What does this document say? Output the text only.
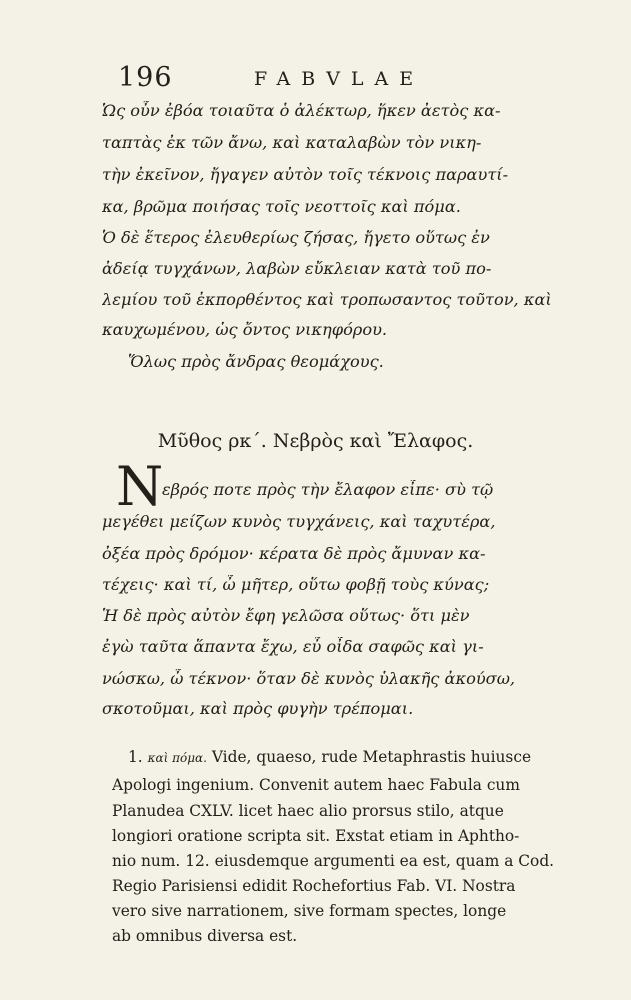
196	FABVLAE
Ὡς οὖν ἐβόα τοιαῦτα ὁ ἀλέκτωρ, ἥκεν ἀετὸς κα-
ταπτὰς ἐκ τῶν ἄνω, καὶ καταλαβὼν τὸν νικη-
τὴν ἐκεῖνον, ἤγαγεν αὐτὸν τοῖς τέκνοις παραυτί-
κα, βρῶμα ποιήσας τοῖς νεοττοῖς καὶ πόμα.
Ὁ δὲ ἕτερος ἐλευθερίως ζήσας, ἤγετο οὕτως ἐν
ἀδείᾳ τυγχάνων, λαβὼν εὔκλειαν κατὰ τοῦ πο-
λεμίου τοῦ ἐκπορθέντος καὶ τροπωσαντος τοῦτον, καὶ
καυχωμένου, ὡς ὄντος νικηφόρου.
Ὅλως πρὸς ἄνδρας θεομάχους.
Μῦθος ρκ΄. Νεβρὸς καὶ Ἔλαφος.
N
εβρός ποτε πρὸς τὴν ἔλαφον εἶπε· σὺ τῷ
μεγέθει μείζων κυνὸς τυγχάνεις, καὶ ταχυτέρα,
ὀξέα πρὸς δρόμον· κέρατα δὲ πρὸς ἄμυναν κα-
τέχεις· καὶ τί, ὦ μῆτερ, οὕτω φοβῇ τοὺς κύνας;
Ἡ δὲ πρὸς αὐτὸν ἔφη γελῶσα οὕτως· ὅτι μὲν
ἐγὼ ταῦτα ἅπαντα ἔχω, εὖ οἶδα σαφῶς καὶ γι-
νώσκω, ὦ τέκνον· ὅταν δὲ κυνὸς ὑλακῆς ἀκούσω,
σκοτοῦμαι, καὶ πρὸς φυγὴν τρέπομαι.
1. καὶ πόμα. Vide, quaeso, rude Metaphrastis huiusce
Apologi ingenium. Convenit autem haec Fabula cum
Planudea CXLV. licet haec alio prorsus stilo, atque
longiori oratione scripta sit. Exstat etiam in Aphtho-
nio num. 12. eiusdemque argumenti ea est, quam a Cod.
Regio Parisiensi edidit Rochefortius Fab. VI. Nostra
vero sive narrationem, sive formam spectes, longe
ab omnibus diversa est.
